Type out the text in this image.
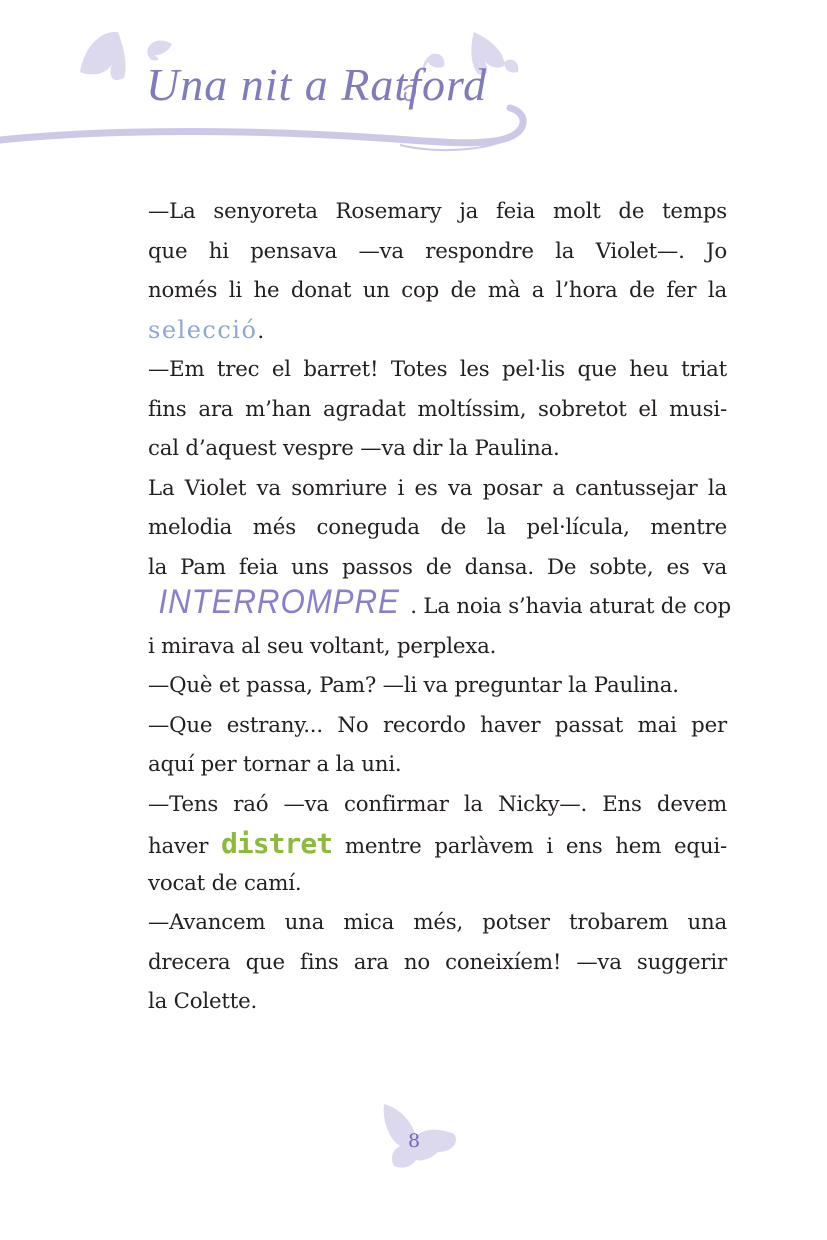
Una nit a Ratford
—La senyoreta Rosemary ja feia molt de temps
que hi pensava —va respondre la Violet—. Jo
només li he donat un cop de mà a l’hora de fer la
selecció.
—Em trec el barret! Totes les pel·lis que heu triat
fins ara m’han agradat moltíssim, sobretot el musi-
cal d’aquest vespre —va dir la Paulina.
La Violet va somriure i es va posar a cantussejar la
melodia més coneguda de la pel·lícula, mentre
la Pam feia uns passos de dansa. De sobte, es va
INTERROMPRE . La noia s’havia aturat de cop
i mirava al seu voltant, perplexa.
—Què et passa, Pam? —li va preguntar la Paulina.
—Que estrany... No recordo haver passat mai per
aquí per tornar a la uni.
—Tens raó —va confirmar la Nicky—. Ens devem
haver distret mentre parlàvem i ens hem equi-
vocat de camí.
—Avancem una mica més, potser trobarem una
drecera que fins ara no coneixíem! —va suggerir
la Colette.
8
